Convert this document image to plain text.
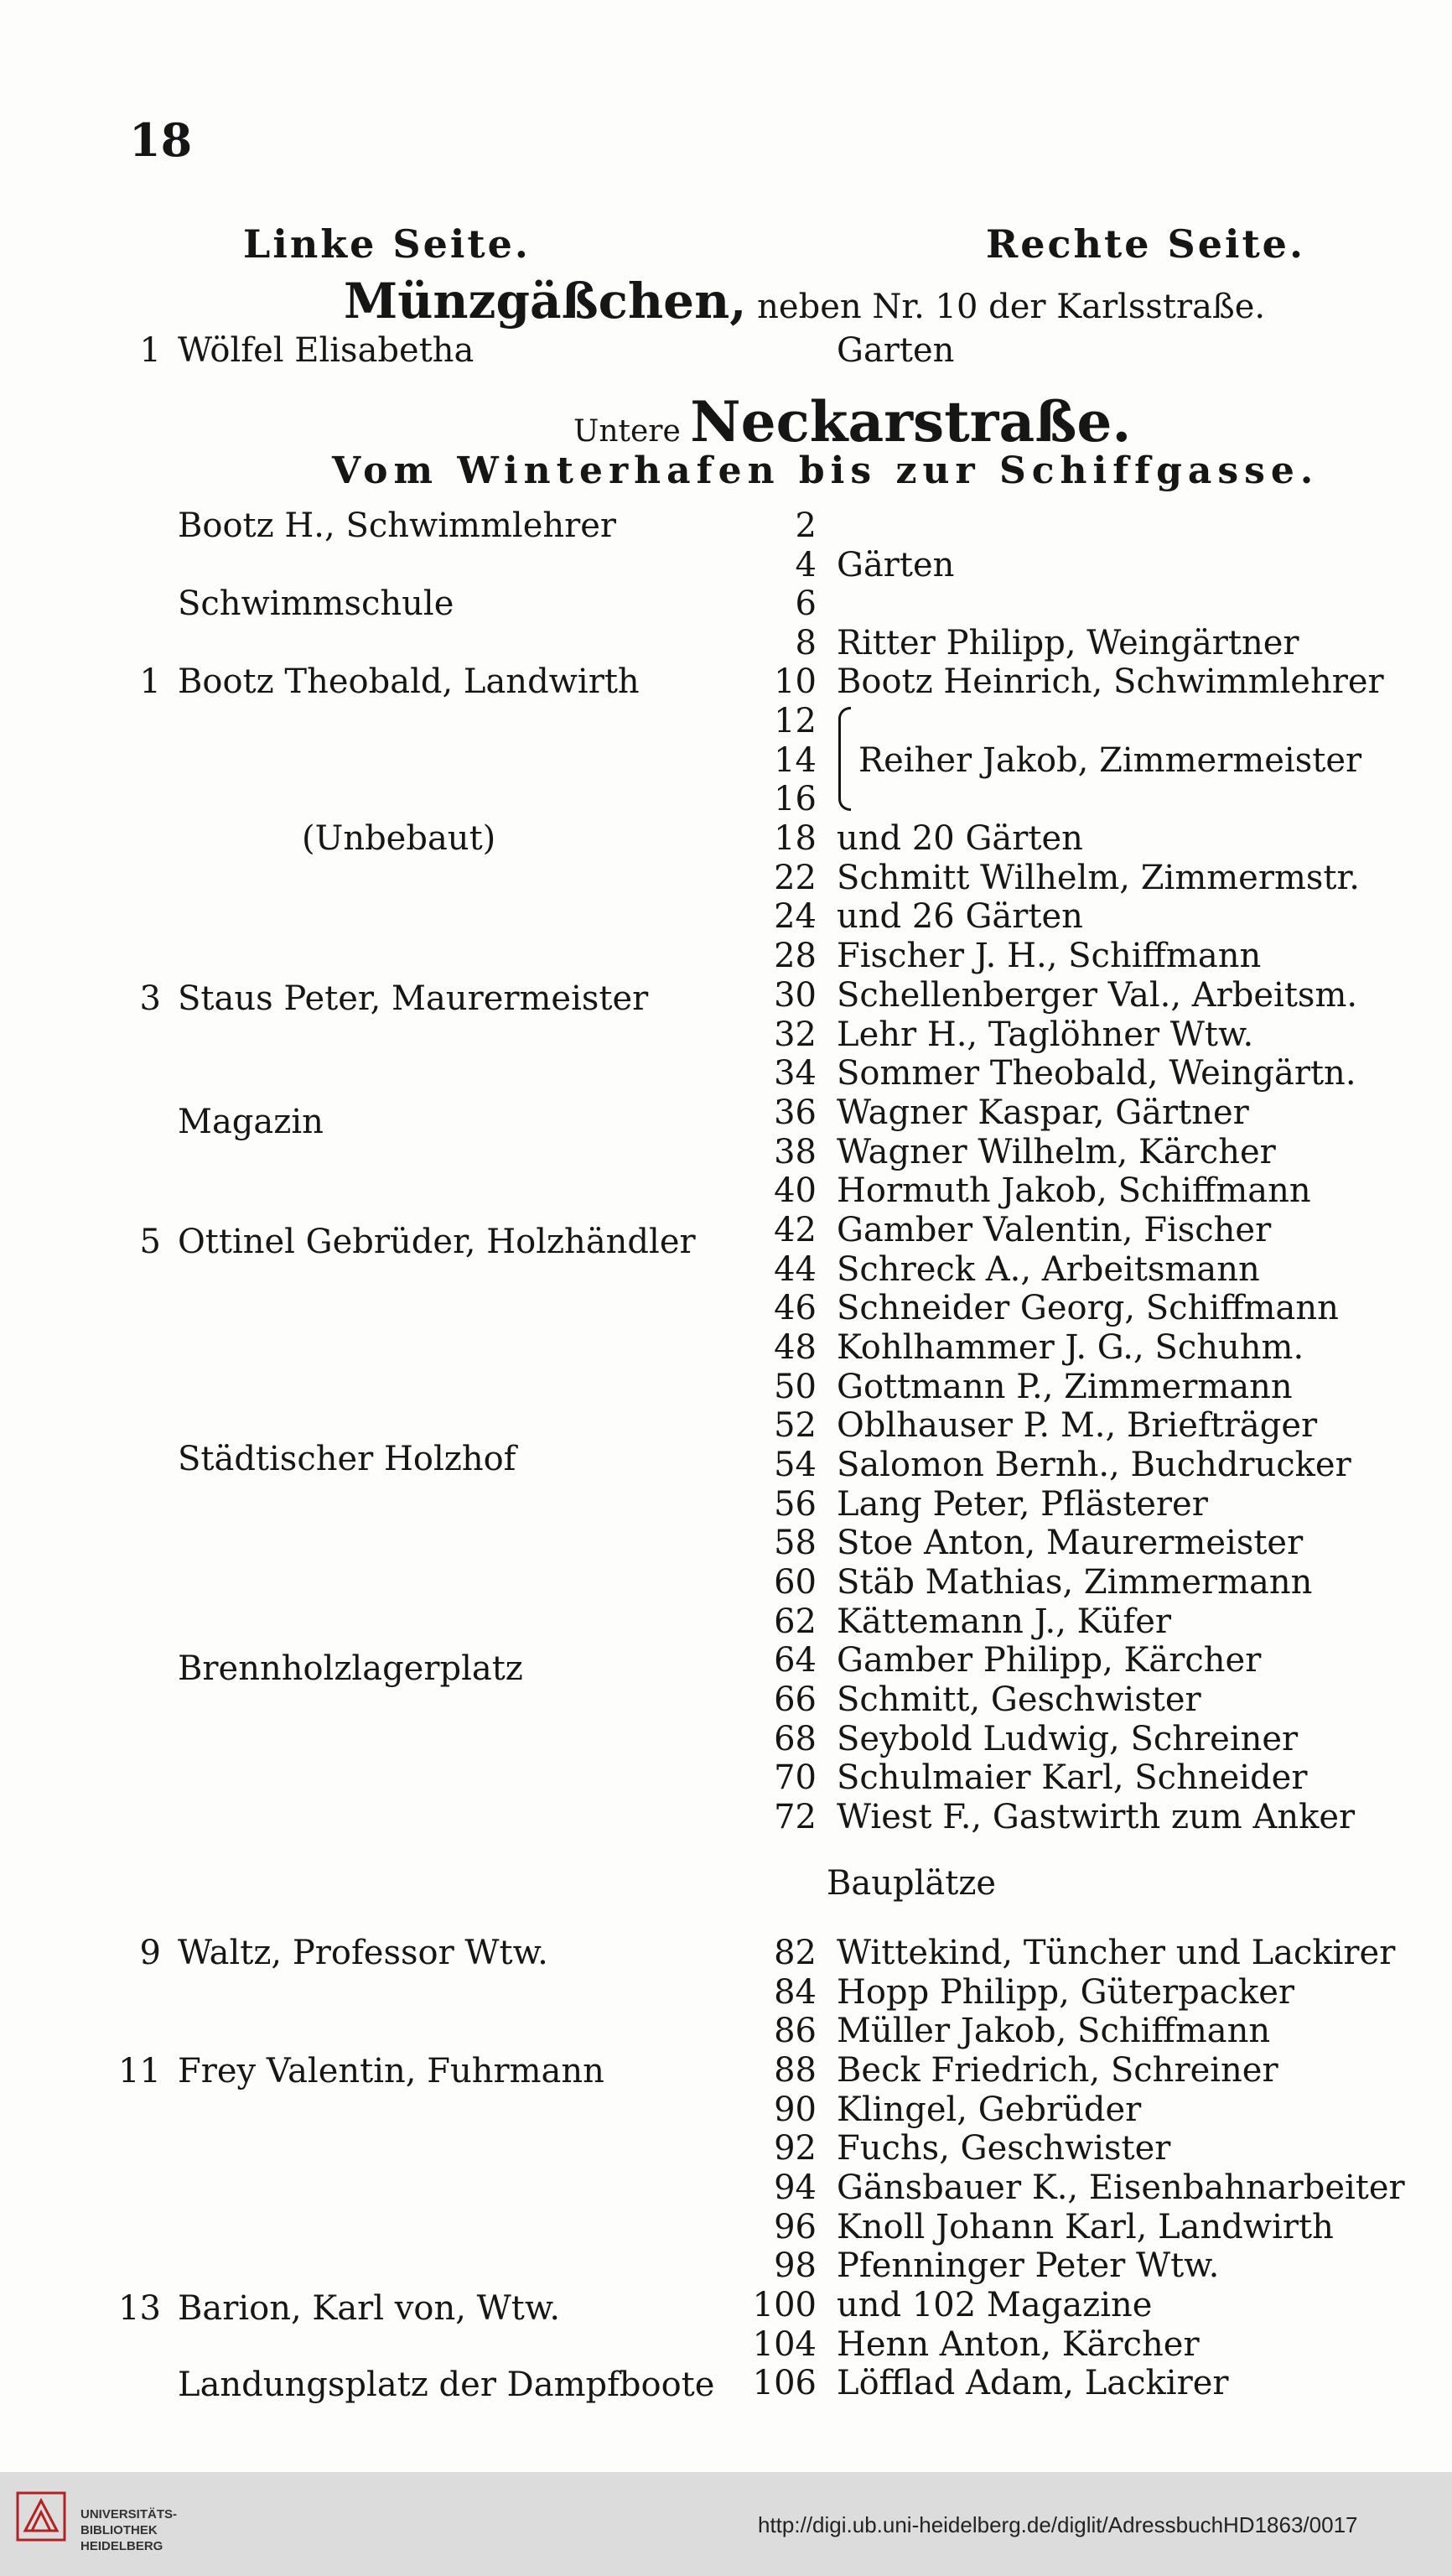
18
Linke Seite.	Rechte Seite.
Münzgäßchen, neben Nr. 10 der Karlsstraße.
Untere Neckarstraße.
Vom Winterhafen bis zur Schiffgasse.
Bauplätze
1 Wölfel Elisabetha
Bootz H., Schwimmlehrer
Schwimmschule
1 Bootz Theobald, Landwirth
(Unbebaut)
3 Staus Peter, Maurermeister
Magazin
5 Ottinel Gebrüder, Holzhändler
Städtischer Holzhof
Brennholzlagerplatz
9 Waltz, Professor Wtw.
11 Frey Valentin, Fuhrmann
13 Barion, Karl von, Wtw.
Landungsplatz der Dampfboote
Garten
2
4 Gärten
6
8 Ritter Philipp, Weingärtner
10 Bootz Heinrich, Schwimmlehrer
12
14 Reiher Jakob, Zimmermeister
16
18 und 20 Gärten
22 Schmitt Wilhelm, Zimmermstr.
24 und 26 Gärten
28 Fischer J. H., Schiffmann
30 Schellenberger Val., Arbeitsm.
32 Lehr H., Taglöhner Wtw.
34 Sommer Theobald, Weingärtn.
36 Wagner Kaspar, Gärtner
38 Wagner Wilhelm, Kärcher
40 Hormuth Jakob, Schiffmann
42 Gamber Valentin, Fischer
44 Schreck A., Arbeitsmann
46 Schneider Georg, Schiffmann
48 Kohlhammer J. G., Schuhm.
50 Gottmann P., Zimmermann
52 Oblhauser P. M., Briefträger
54 Salomon Bernh., Buchdrucker
56 Lang Peter, Pflästerer
58 Stoe Anton, Maurermeister
60 Stäb Mathias, Zimmermann
62 Kättemann J., Küfer
64 Gamber Philipp, Kärcher
66 Schmitt, Geschwister
68 Seybold Ludwig, Schreiner
70 Schulmaier Karl, Schneider
72 Wiest F., Gastwirth zum Anker
82 Wittekind, Tüncher und Lackirer
84 Hopp Philipp, Güterpacker
86 Müller Jakob, Schiffmann
88 Beck Friedrich, Schreiner
90 Klingel, Gebrüder
92 Fuchs, Geschwister
94 Gänsbauer K., Eisenbahnarbeiter
96 Knoll Johann Karl, Landwirth
98 Pfenninger Peter Wtw.
100 und 102 Magazine
104 Henn Anton, Kärcher
106 Löfflad Adam, Lackirer
UNIVERSITÄTS-
BIBLIOTHEK
HEIDELBERG
http://digi.ub.uni-heidelberg.de/diglit/AdressbuchHD1863/0017
